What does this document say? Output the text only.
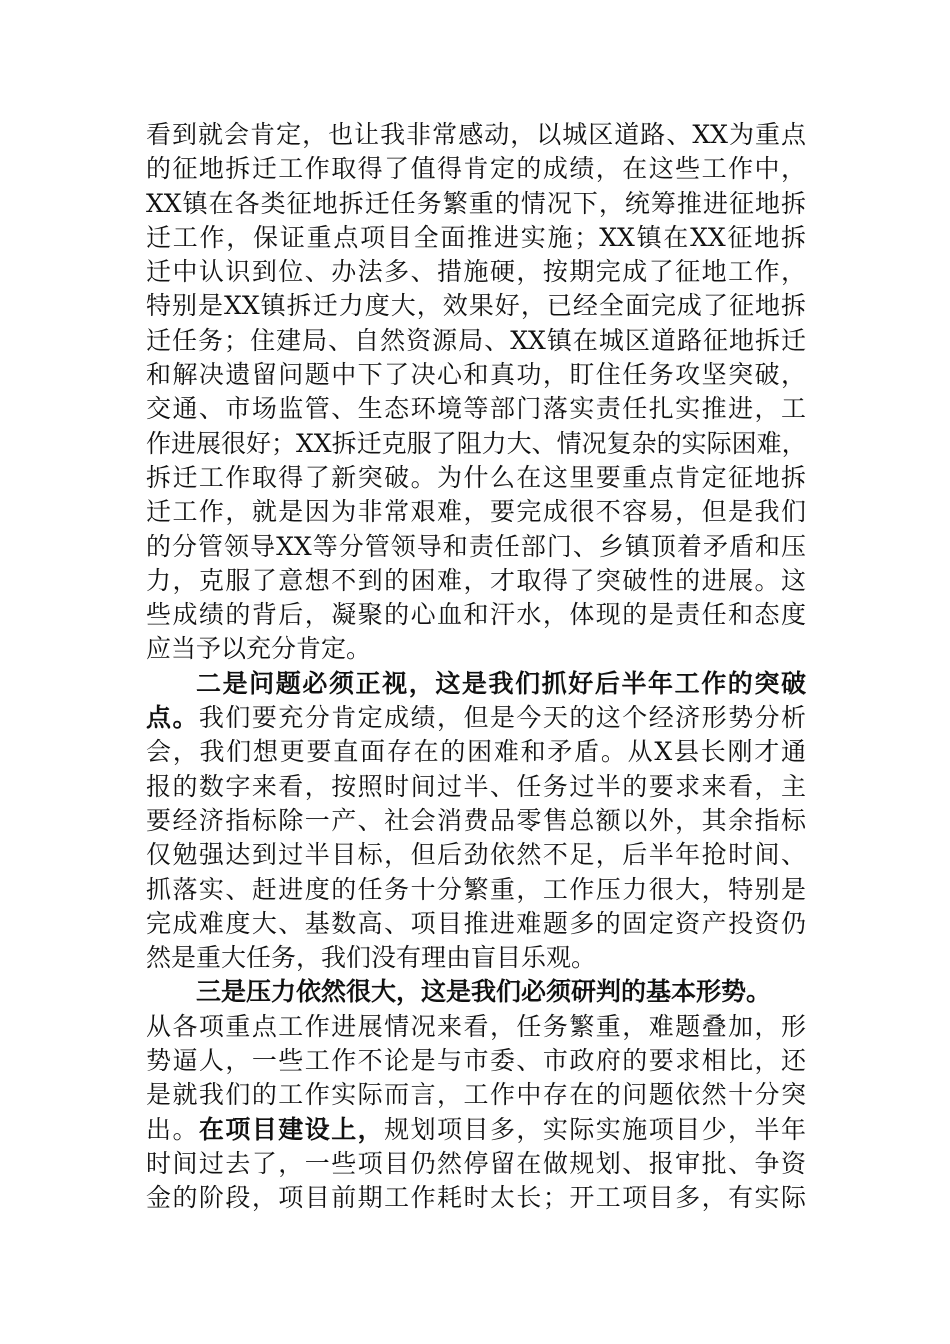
看到就会肯定，也让我非常感动，以城区道路、XX为重点
的征地拆迁工作取得了值得肯定的成绩，在这些工作中，
XX镇在各类征地拆迁任务繁重的情况下，统筹推进征地拆
迁工作，保证重点项目全面推进实施；XX镇在XX征地拆
迁中认识到位、办法多、措施硬，按期完成了征地工作，
特别是XX镇拆迁力度大，效果好，已经全面完成了征地拆
迁任务；住建局、自然资源局、XX镇在城区道路征地拆迁
和解决遗留问题中下了决心和真功，盯住任务攻坚突破，
交通、市场监管、生态环境等部门落实责任扎实推进，工
作进展很好；XX拆迁克服了阻力大、情况复杂的实际困难，
拆迁工作取得了新突破。为什么在这里要重点肯定征地拆
迁工作，就是因为非常艰难，要完成很不容易，但是我们
的分管领导XX等分管领导和责任部门、乡镇顶着矛盾和压
力，克服了意想不到的困难，才取得了突破性的进展。这
些成绩的背后，凝聚的心血和汗水，体现的是责任和态度
应当予以充分肯定。
二是问题必须正视，这是我们抓好后半年工作的突破
点。我们要充分肯定成绩，但是今天的这个经济形势分析
会，我们想更要直面存在的困难和矛盾。从X县长刚才通
报的数字来看，按照时间过半、任务过半的要求来看，主
要经济指标除一产、社会消费品零售总额以外，其余指标
仅勉强达到过半目标，但后劲依然不足，后半年抢时间、
抓落实、赶进度的任务十分繁重，工作压力很大，特别是
完成难度大、基数高、项目推进难题多的固定资产投资仍
然是重大任务，我们没有理由盲目乐观。
三是压力依然很大，这是我们必须研判的基本形势。
从各项重点工作进展情况来看，任务繁重，难题叠加，形
势逼人，一些工作不论是与市委、市政府的要求相比，还
是就我们的工作实际而言，工作中存在的问题依然十分突
出。在项目建设上，规划项目多，实际实施项目少，半年
时间过去了，一些项目仍然停留在做规划、报审批、争资
金的阶段，项目前期工作耗时太长；开工项目多，有实际
